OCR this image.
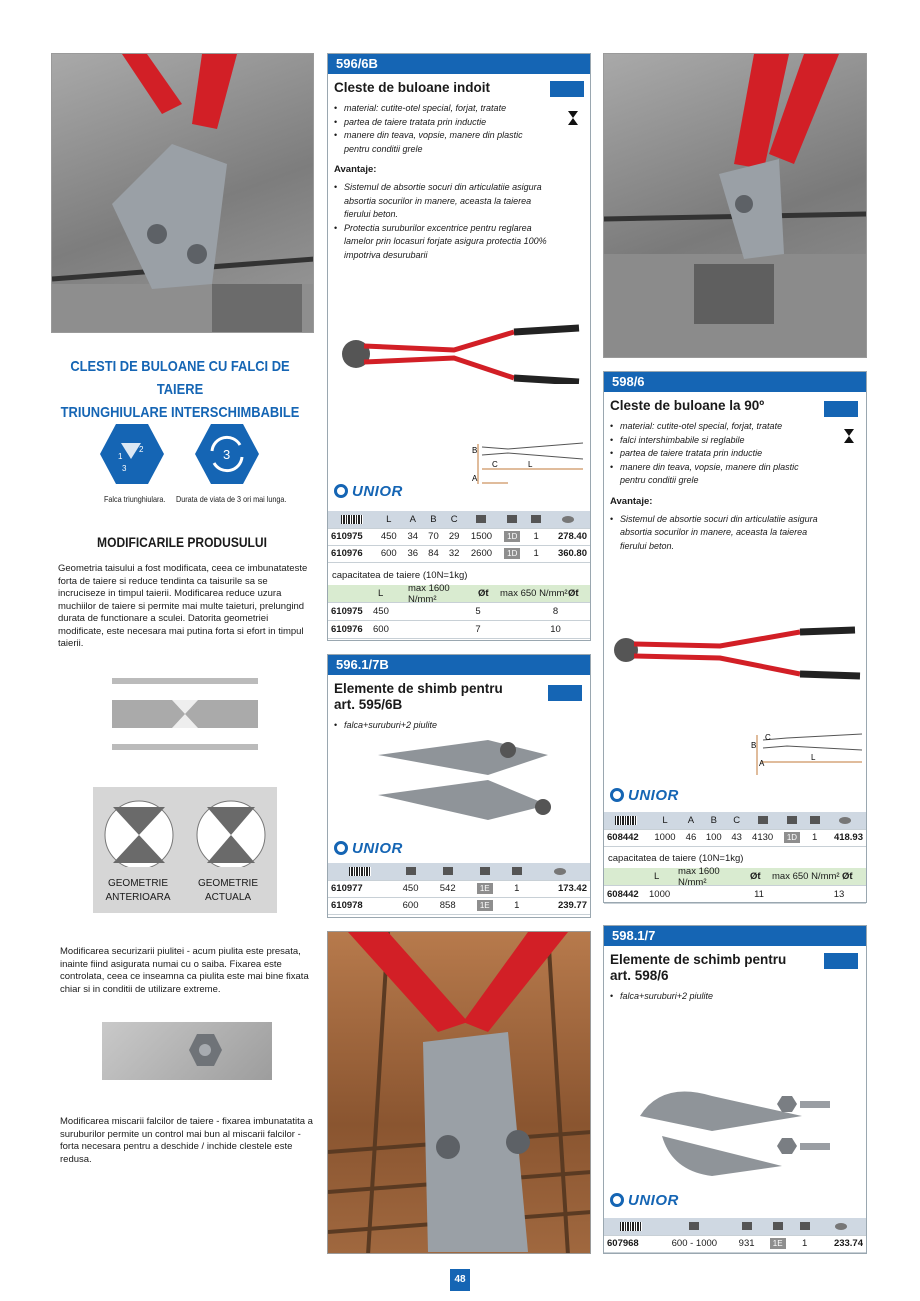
CLESTI DE BULOANE CU FALCI DE TAIERE
TRIUNGHIULARE INTERSCHIMBABILE
1
2
3
3
Falca triunghiulara. Durata de viata de 3 ori mai lunga.
MODIFICARILE PRODUSULUI
Geometria taisului a fost modificata, ceea ce imbunatateste forta de taiere si reduce tendinta ca taisurile sa se incruciseze in timpul taierii. Modificarea reduce uzura muchiilor de taiere si permite mai multe taieturi, prelungind durata de functionare a sculei. Datorita geometriei modificate, este necesara mai putina forta si efort in timpul taierii.
GEOMETRIE ANTERIOARA
GEOMETRIE ACTUALA
Modificarea securizarii piulitei - acum piulita este presata, inainte fiind asigurata numai cu o saiba. Fixarea este controlata, ceea ce inseamna ca piulita este mai bine fixata chiar si in conditii de utilizare extreme.
Modificarea miscarii falcilor de taiere - fixarea imbunatatita a suruburilor permite un control mai bun al miscarii falcilor - forta necesara pentru a deschide / inchide clestele este redusa.
596/6B
Cleste de buloane indoit
• material: cutite-otel special, forjat, tratate
• partea de taiere tratata prin inductie
• manere din teava, vopsie, manere din plastic pentru conditii grele
Avantaje:
• Sistemul de absortie socuri din articulatiie asigura absortia socurilor in manere, aceasta la taierea fierului beton.
• Protectia suruburilor excentrice pentru reglarea lamelor prin locasuri forjate asigura protectia 100% impotriva desurubarii
B
C
A
L
UNIOR
	L	A	B	C				
610975	450	34	70	29	1500	1D	1	278.40
610976	600	36	84	32	2600	1D	1	360.80
capacitatea de taiere (10N=1kg)
L	max 1600 N/mm²	Øƭ	max 650 N/mm² Øƭ
610975	450	5	8
610976	600	7	10
596.1/7B
Elemente de shimb pentru
art. 595/6B
• falca+suruburi+2 piulite
UNIOR

610977	450	542	1E	1	173.42
610978	600	858	1E	1	239.77
598/6
Cleste de buloane la 90º
• material: cutite-otel special, forjat, tratate
• falci intershimbabile si reglabile
• partea de taiere tratata prin inductie
• manere din teava, vopsie, manere din plastic pentru conditii grele
Avantaje:
• Sistemul de absortie socuri din articulatiie asigura absortia socurilor in manere, aceasta la taierea fierului beton.
B
C
A
L
UNIOR
	L	A	B	C				
608442	1000	46	100	43	4130	1D	1	418.93
capacitatea de taiere (10N=1kg)
L	max 1600 N/mm²	Øƭ	max 650 N/mm² Øƭ
608442	1000	11	13
598.1/7
Elemente de schimb pentru
art. 598/6
• falca+suruburi+2 piulite
UNIOR

607968	600 - 1000	931	1E	1	233.74
48
